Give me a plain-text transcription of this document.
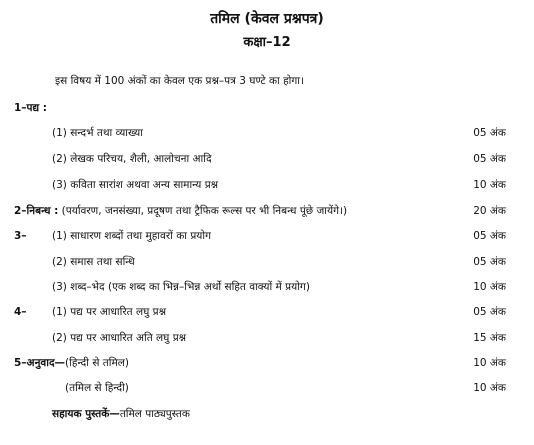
तमिल (केवल प्रश्नपत्र)
कक्षा–12
इस विषय में 100 अंकों का केवल एक प्रश्न–पत्र 3 घण्टे का होगा।
1–पद्य :
(1) सन्दर्भ तथा व्याख्या	05 अंक
(2) लेखक परिचय, शैली, आलोचना आदि	05 अंक
(3) कविता सारांश अथवा अन्य सामान्य प्रश्न	10 अंक
2–निबन्ध : (पर्यावरण, जनसंख्या, प्रदूषण तथा ट्रैफिक रूल्स पर भी निबन्ध पूंछे जायेंगे।)	20 अंक
3– (1) साधारण शब्दों तथा मुहावरों का प्रयोग	05 अंक
(2) समास तथा सन्धि	05 अंक
(3) शब्द–भेद (एक शब्द का भिन्न–भिन्न अर्थो सहित वाक्यों में प्रयोग)	10 अंक
4– (1) पद्य पर आधारित लघु प्रश्न	05 अंक
(2) पद्य पर आधारित अति लघु प्रश्न	15 अंक
5–अनुवाद—(हिन्दी से तमिल)	10 अंक
(तमिल से हिन्दी)	10 अंक
सहायक पुस्तकें—तमिल पाठ्यपुस्तक
